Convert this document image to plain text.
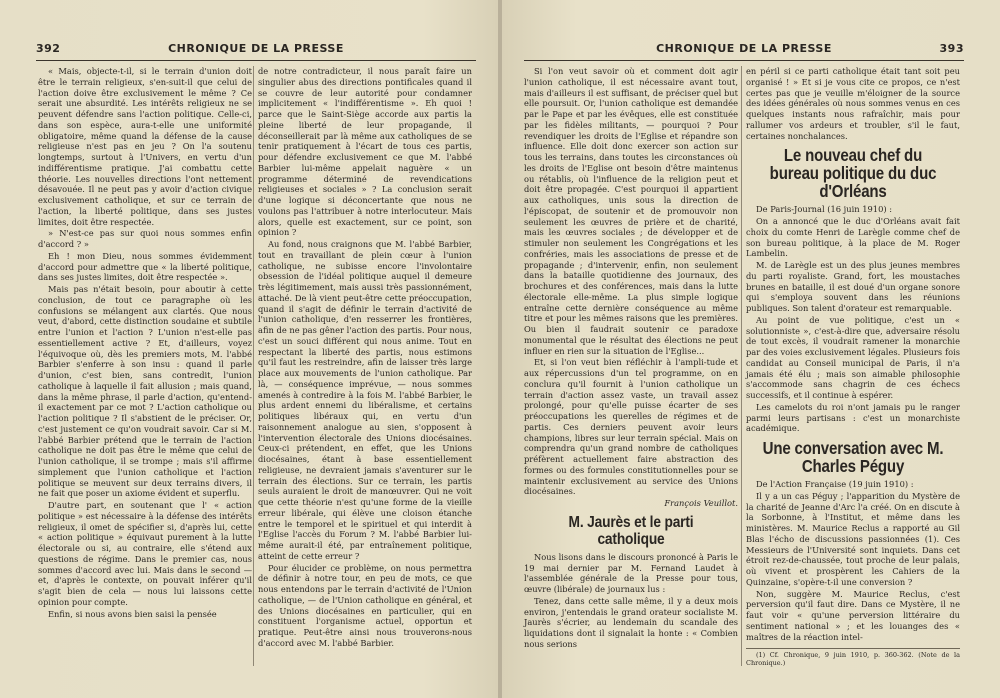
392	CHRONIQUE DE LA PRESSE

« Mais, objecte-t-il, si le terrain d'union doit être le terrain religieux, s'en-suit-il que celui de l'action doive être exclusivement le même ? Ce serait une absurdité. Les intérêts religieux ne se peuvent défendre sans l'action politique. Celle-ci, dans son espèce, aura-t-elle une uniformité obligatoire, même quand la défense de la cause religieuse n'est pas en jeu ? On l'a soutenu longtemps, surtout à l'Univers, en vertu d'un indifférentisme pratique. J'ai combattu cette théorie. Les nouvelles directions l'ont nettement désavouée. Il ne peut pas y avoir d'action civique exclusivement catholique, et sur ce terrain de l'action, la liberté politique, dans ses justes limites, doit être respectée.

» N'est-ce pas sur quoi nous sommes enfin d'accord ? »

Eh ! mon Dieu, nous sommes évidemment d'accord pour admettre que « la liberté politique, dans ses justes limites, doit être respectée ».

Mais pas n'était besoin, pour aboutir à cette conclusion, de tout ce paragraphe où les confusions se mélangent aux clartés. Que nous veut, d'abord, cette distinction soudaine et subtile entre l'union et l'action ? L'union n'est-elle pas essentiellement active ? Et, d'ailleurs, voyez l'équivoque où, dès les premiers mots, M. l'abbé Barbier s'enferre à son insu : quand il parle d'union, c'est bien, sans contredit, l'union catholique à laquelle il fait allusion ; mais quand, dans la même phrase, il parle d'action, qu'entend-il exactement par ce mot ? L'action catholique ou l'action politique ? Il s'abstient de le préciser. Or, c'est justement ce qu'on voudrait savoir. Car si M. l'abbé Barbier prétend que le terrain de l'action catholique ne doit pas être le même que celui de l'union catholique, il se trompe ; mais s'il affirme simplement que l'union catholique et l'action politique se meuvent sur deux terrains divers, il ne fait que poser un axiome évident et superflu.

D'autre part, en soutenant que l' « action politique » est nécessaire à la défense des intérêts religieux, il omet de spécifier si, d'après lui, cette « action politique » équivaut purement à la lutte électorale ou si, au contraire, elle s'étend aux questions de régime. Dans le premier cas, nous sommes d'accord avec lui. Mais dans le second — et, d'après le contexte, on pouvait inférer qu'il s'agit bien de cela — nous lui laissons cette opinion pour compte.

Enfin, si nous avons bien saisi la pensée

de notre contradicteur, il nous paraît faire un singulier abus des directions pontificales quand il se couvre de leur autorité pour condamner implicitement « l'indifférentisme ». Eh quoi ! parce que le Saint-Siège accorde aux partis la pleine liberté de leur propagande, il déconseillerait par là même aux catholiques de se tenir pratiquement à l'écart de tous ces partis, pour défendre exclusivement ce que M. l'abbé Barbier lui-même appelait naguère « un programme déterminé de revendications religieuses et sociales » ? La conclusion serait d'une logique si déconcertante que nous ne voulons pas l'attribuer à notre interlocuteur. Mais alors, quelle est exactement, sur ce point, son opinion ?

Au fond, nous craignons que M. l'abbé Barbier, tout en travaillant de plein cœur à l'union catholique, ne subisse encore l'involontaire obsession de l'idéal politique auquel il demeure très légitimement, mais aussi très passionnément, attaché. De là vient peut-être cette préoccupation, quand il s'agit de définir le terrain d'activité de l'union catholique, d'en resserrer les frontières, afin de ne pas gêner l'action des partis. Pour nous, c'est un souci différent qui nous anime. Tout en respectant la liberté des partis, nous estimons qu'il faut les restreindre, afin de laisser très large place aux mouvements de l'union catholique. Par là, — conséquence imprévue, — nous sommes amenés à contredire à la fois M. l'abbé Barbier, le plus ardent ennemi du libéralisme, et certains politiques libéraux qui, en vertu d'un raisonnement analogue au sien, s'opposent à l'intervention électorale des Unions diocésaines. Ceux-ci prétendent, en effet, que les Unions diocésaines, étant à base essentiellement religieuse, ne devraient jamais s'aventurer sur le terrain des élections. Sur ce terrain, les partis seuls auraient le droit de manœuvrer. Qui ne voit que cette théorie n'est qu'une forme de la vieille erreur libérale, qui élève une cloison étanche entre le temporel et le spirituel et qui interdit à l'Eglise l'accès du Forum ? M. l'abbé Barbier lui-même aurait-il été, par entraînement politique, atteint de cette erreur ?

Pour élucider ce problème, on nous permettra de définir à notre tour, en peu de mots, ce que nous entendons par le terrain d'activité de l'Union catholique, — de l'Union catholique en général, et des Unions diocésaines en particulier, qui en constituent l'organisme actuel, opportun et pratique. Peut-être ainsi nous trouverons-nous d'accord avec M. l'abbé Barbier.

CHRONIQUE DE LA PRESSE	393

Si l'on veut savoir où et comment doit agir l'union catholique, il est nécessaire avant tout, mais d'ailleurs il est suffisant, de préciser quel but elle poursuit. Or, l'union catholique est demandée par le Pape et par les évêques, elle est constituée par les fidèles militants, — pourquoi ? Pour revendiquer les droits de l'Eglise et répandre son influence. Elle doit donc exercer son action sur tous les terrains, dans toutes les circonstances où les droits de l'Eglise ont besoin d'être maintenus ou rétablis, où l'influence de la religion peut et doit être propagée. C'est pourquoi il appartient aux catholiques, unis sous la direction de l'épiscopat, de soutenir et de promouvoir non seulement les œuvres de prière et de charité, mais les œuvres sociales ; de développer et de stimuler non seulement les Congrégations et les confréries, mais les associations de presse et de propagande ; d'intervenir, enfin, non seulement dans la bataille quotidienne des journaux, des brochures et des conférences, mais dans la lutte électorale elle-même. La plus simple logique entraîne cette dernière conséquence au même titre et pour les mêmes raisons que les premières. Ou bien il faudrait soutenir ce paradoxe monumental que le résultat des élections ne peut influer en rien sur la situation de l'Eglise...

Et, si l'on veut bien réfléchir à l'ampli-tude et aux répercussions d'un tel programme, on en conclura qu'il fournit à l'union catholique un terrain d'action assez vaste, un travail assez prolongé, pour qu'elle puisse écarter de ses préoccupations les querelles de régimes et de partis. Ces derniers peuvent avoir leurs champions, libres sur leur terrain spécial. Mais on comprendra qu'un grand nombre de catholiques préfèrent actuellement faire abstraction des formes ou des formules constitutionnelles pour se maintenir exclusivement au service des Unions diocésaines.

François Veuillot.

M. Jaurès et le parti catholique

Nous lisons dans le discours prononcé à Paris le 19 mai dernier par M. Fernand Laudet à l'assemblée générale de la Presse pour tous, œuvre (libérale) de journaux lus :

Tenez, dans cette salle même, il y a deux mois environ, j'entendais le grand orateur socialiste M. Jaurès s'écrier, au lendemain du scandale des liquidations dont il signalait la honte : « Combien nous serions

en péril si ce parti catholique était tant soit peu organisé ! » Et si je vous cite ce propos, ce n'est certes pas que je veuille m'éloigner de la source des idées générales où nous sommes venus en ces quelques instants nous rafraîchir, mais pour rallumer vos ardeurs et troubler, s'il le faut, certaines nonchalances.

Le nouveau chef du bureau politique du duc d'Orléans

De Paris-Journal (16 juin 1910) :

On a annoncé que le duc d'Orléans avait fait choix du comte Henri de Larègle comme chef de son bureau politique, à la place de M. Roger Lambelin.

M. de Larègle est un des plus jeunes membres du parti royaliste. Grand, fort, les moustaches brunes en bataille, il est doué d'un organe sonore qui s'employa souvent dans les réunions publiques. Son talent d'orateur est remarquable.

Au point de vue politique, c'est un « solutionniste », c'est-à-dire que, adversaire résolu de tout excès, il voudrait ramener la monarchie par des voies exclusivement légales. Plusieurs fois candidat au Conseil municipal de Paris, il n'a jamais été élu ; mais son aimable philosophie s'accommode sans chagrin de ces échecs successifs, et il continue à espérer.

Les camelots du roi n'ont jamais pu le ranger parmi leurs partisans : c'est un monarchiste académique.

Une conversation avec M. Charles Péguy

De l'Action Française (19 juin 1910) :

Il y a un cas Péguy ; l'apparition du Mystère de la charité de Jeanne d'Arc l'a créé. On en discute à la Sorbonne, à l'Institut, et même dans les ministères. M. Maurice Reclus a rapporté au Gil Blas l'écho de discussions passionnées (1). Ces Messieurs de l'Université sont inquiets. Dans cet étroit rez-de-chaussée, tout proche de leur palais, où vivent et prospèrent les Cahiers de la Quinzaine, s'opère-t-il une conversion ?

Non, suggère M. Maurice Reclus, c'est perversion qu'il faut dire. Dans ce Mystère, il ne faut voir « qu'une perversion littéraire du sentiment national » ; et les louanges des « maîtres de la réaction intel-

(1) Cf. Chronique, 9 juin 1910, p. 360-362. (Note de la Chronique.)
